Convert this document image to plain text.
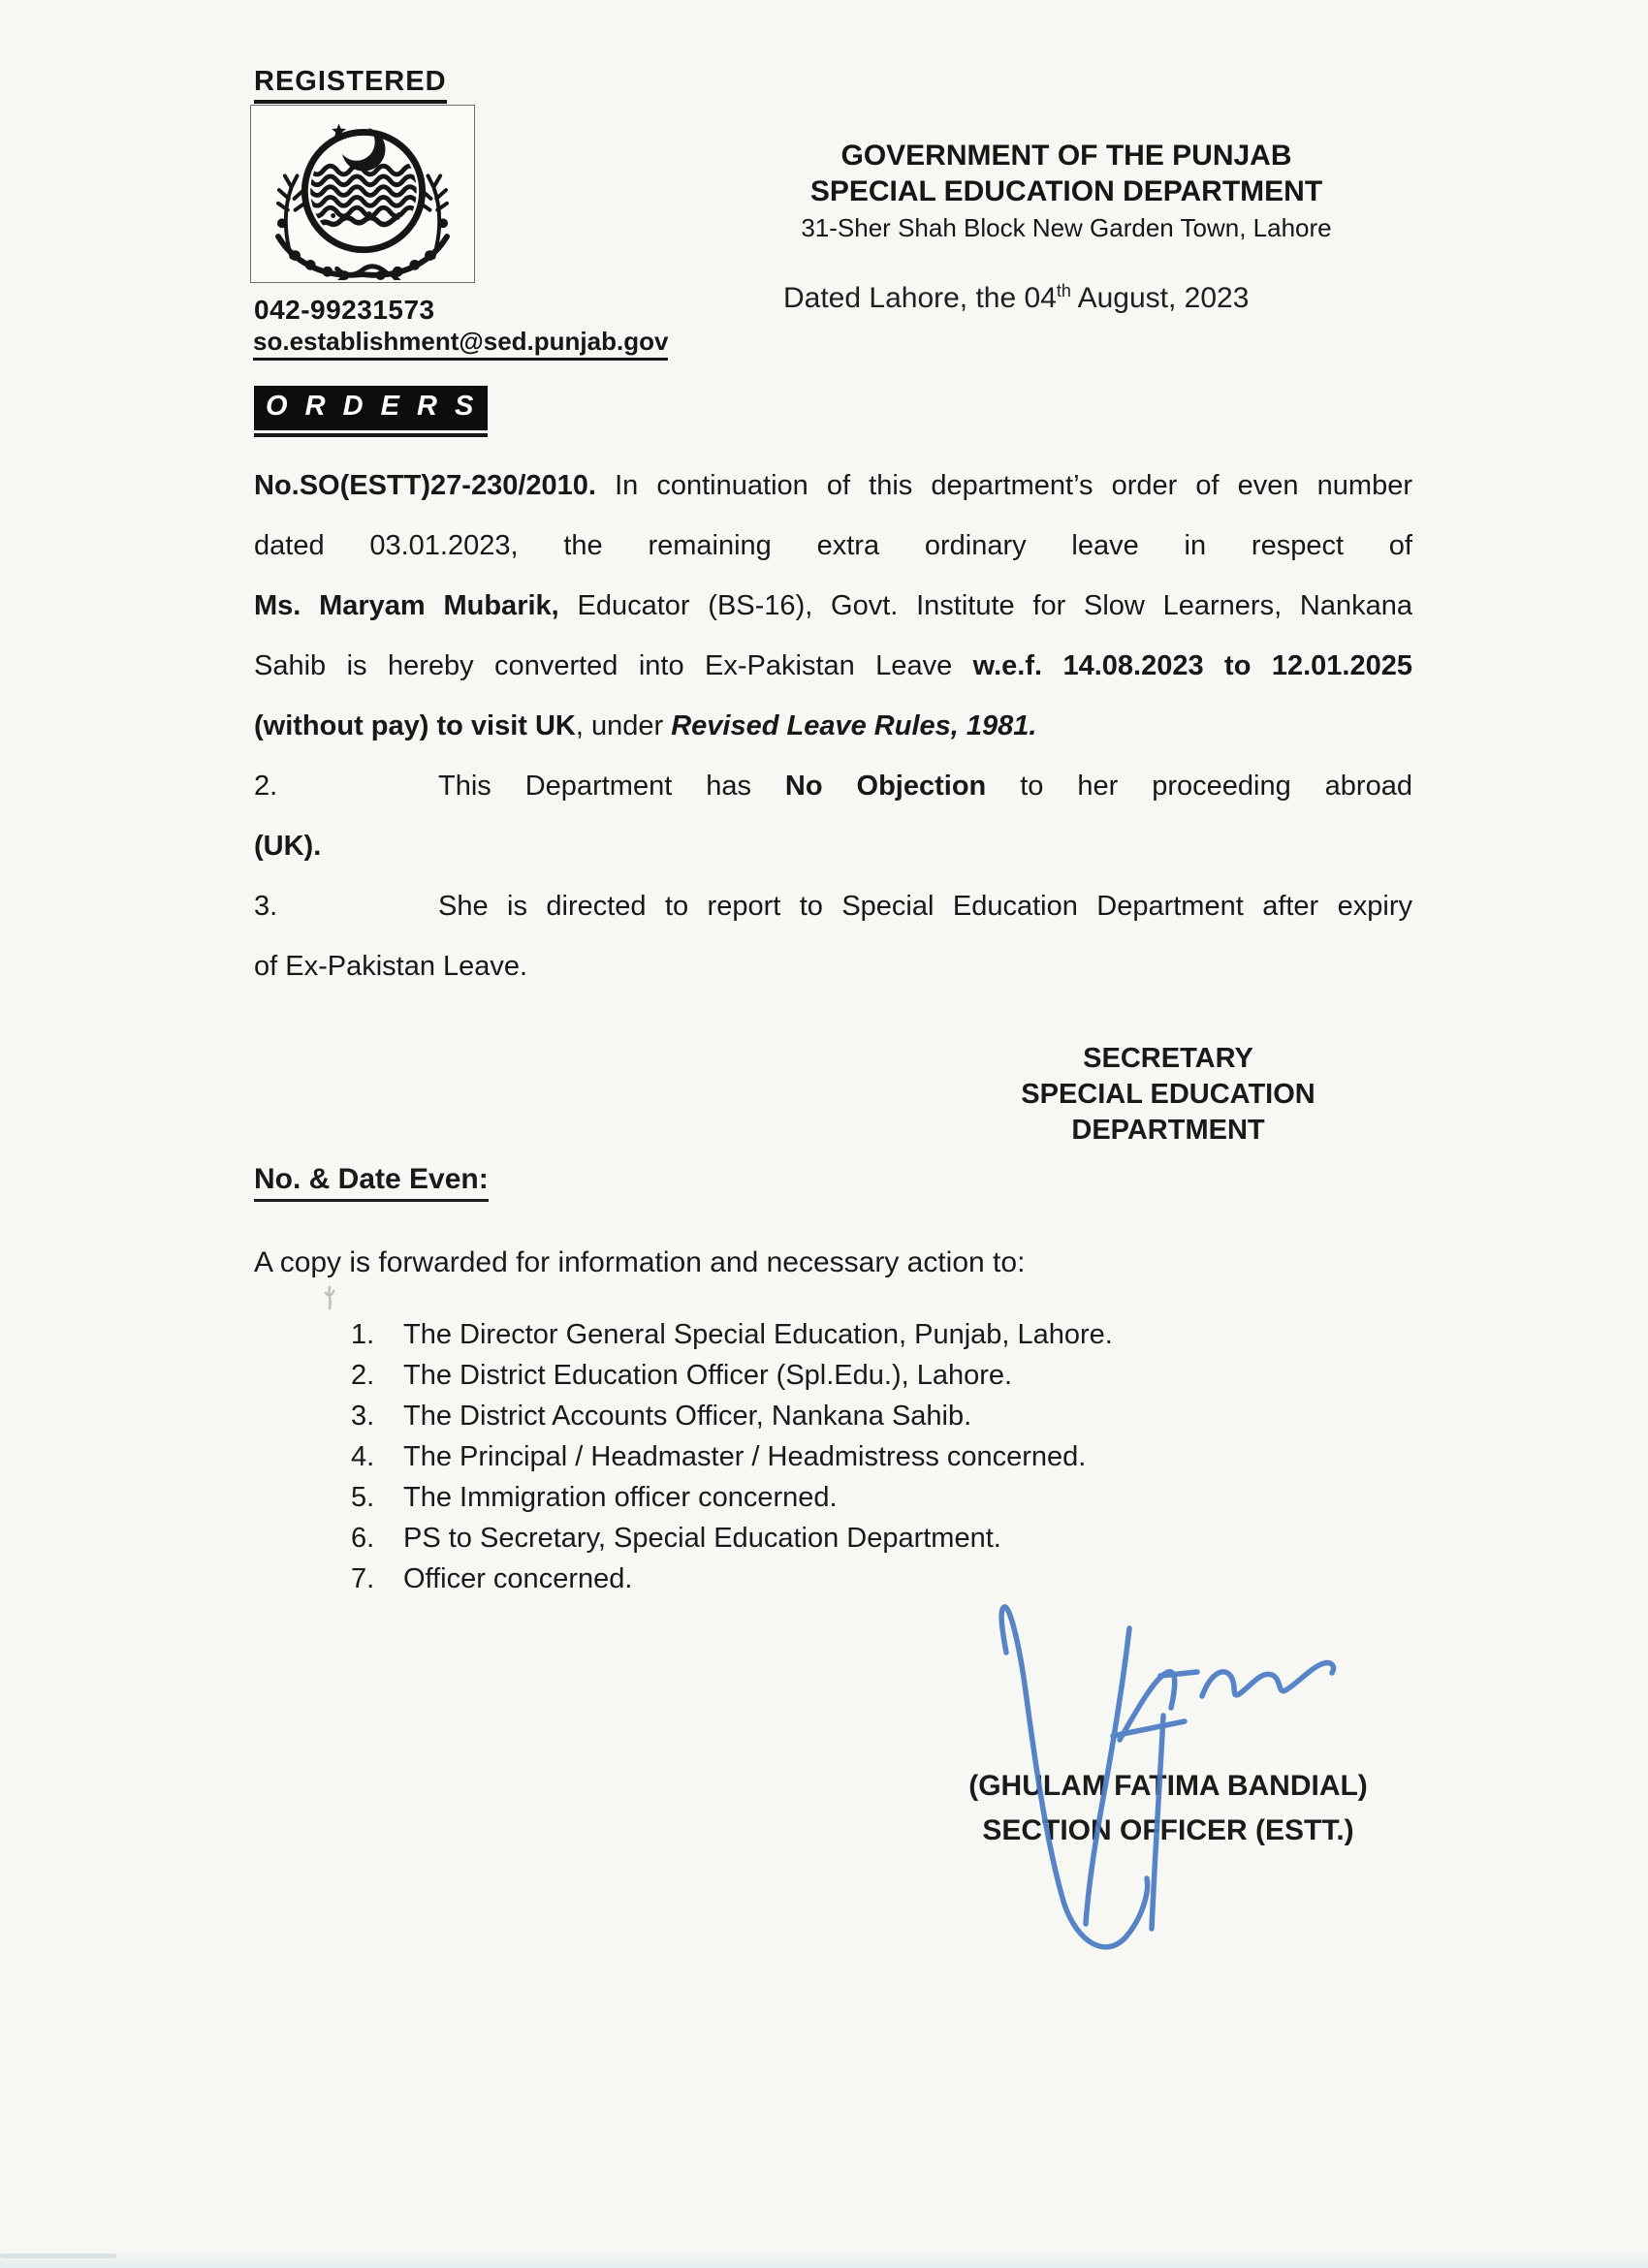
REGISTERED
042-99231573
so.establishment@sed.punjab.gov
O R D E R S
GOVERNMENT OF THE PUNJAB
SPECIAL EDUCATION DEPARTMENT
31-Sher Shah Block New Garden Town, Lahore
Dated Lahore, the 04th August, 2023
No.SO(ESTT)27-230/2010. In continuation of this department’s order of even number
dated 03.01.2023, the remaining extra ordinary leave in respect of
Ms. Maryam Mubarik, Educator (BS-16), Govt. Institute for Slow Learners, Nankana
Sahib is hereby converted into Ex-Pakistan Leave w.e.f. 14.08.2023 to 12.01.2025
(without pay) to visit UK, under Revised Leave Rules, 1981.
2.	This Department has No Objection to her proceeding abroad
(UK).
3.	She is directed to report to Special Education Department after expiry
of Ex-Pakistan Leave.
SECRETARY
SPECIAL EDUCATION
DEPARTMENT
No. & Date Even:
A copy is forwarded for information and necessary action to:
1. The Director General Special Education, Punjab, Lahore.
2. The District Education Officer (Spl.Edu.), Lahore.
3. The District Accounts Officer, Nankana Sahib.
4. The Principal / Headmaster / Headmistress concerned.
5. The Immigration officer concerned.
6. PS to Secretary, Special Education Department.
7. Officer concerned.
(GHULAM FATIMA BANDIAL)
SECTION OFFICER (ESTT.)
